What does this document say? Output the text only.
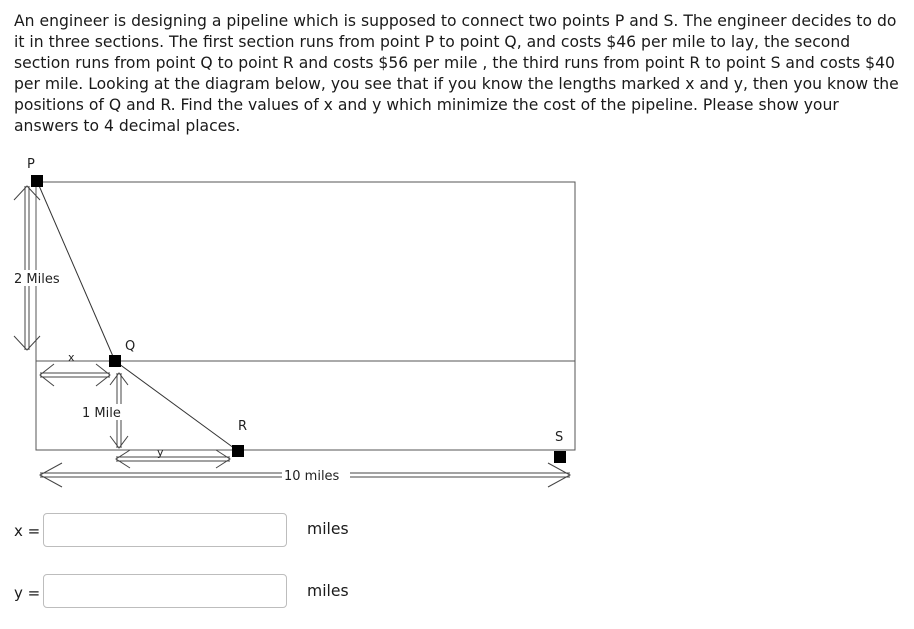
An engineer is designing a pipeline which is supposed to connect two points P and S. The engineer decides to do it in three sections. The first section runs from point P to point Q, and costs $46 per mile to lay, the second section runs from point Q to point R and costs $56 per mile , the third runs from point R to point S and costs $40 per mile. Looking at the diagram below, you see that if you know the lengths marked x and y, then you know the positions of Q and R. Find the values of x and y which minimize the cost of the pipeline. Please show your answers to 4 decimal places.

P
Q
R
S
2 Miles
x
1 Mile
y
10 miles
x =	miles
y =	miles
